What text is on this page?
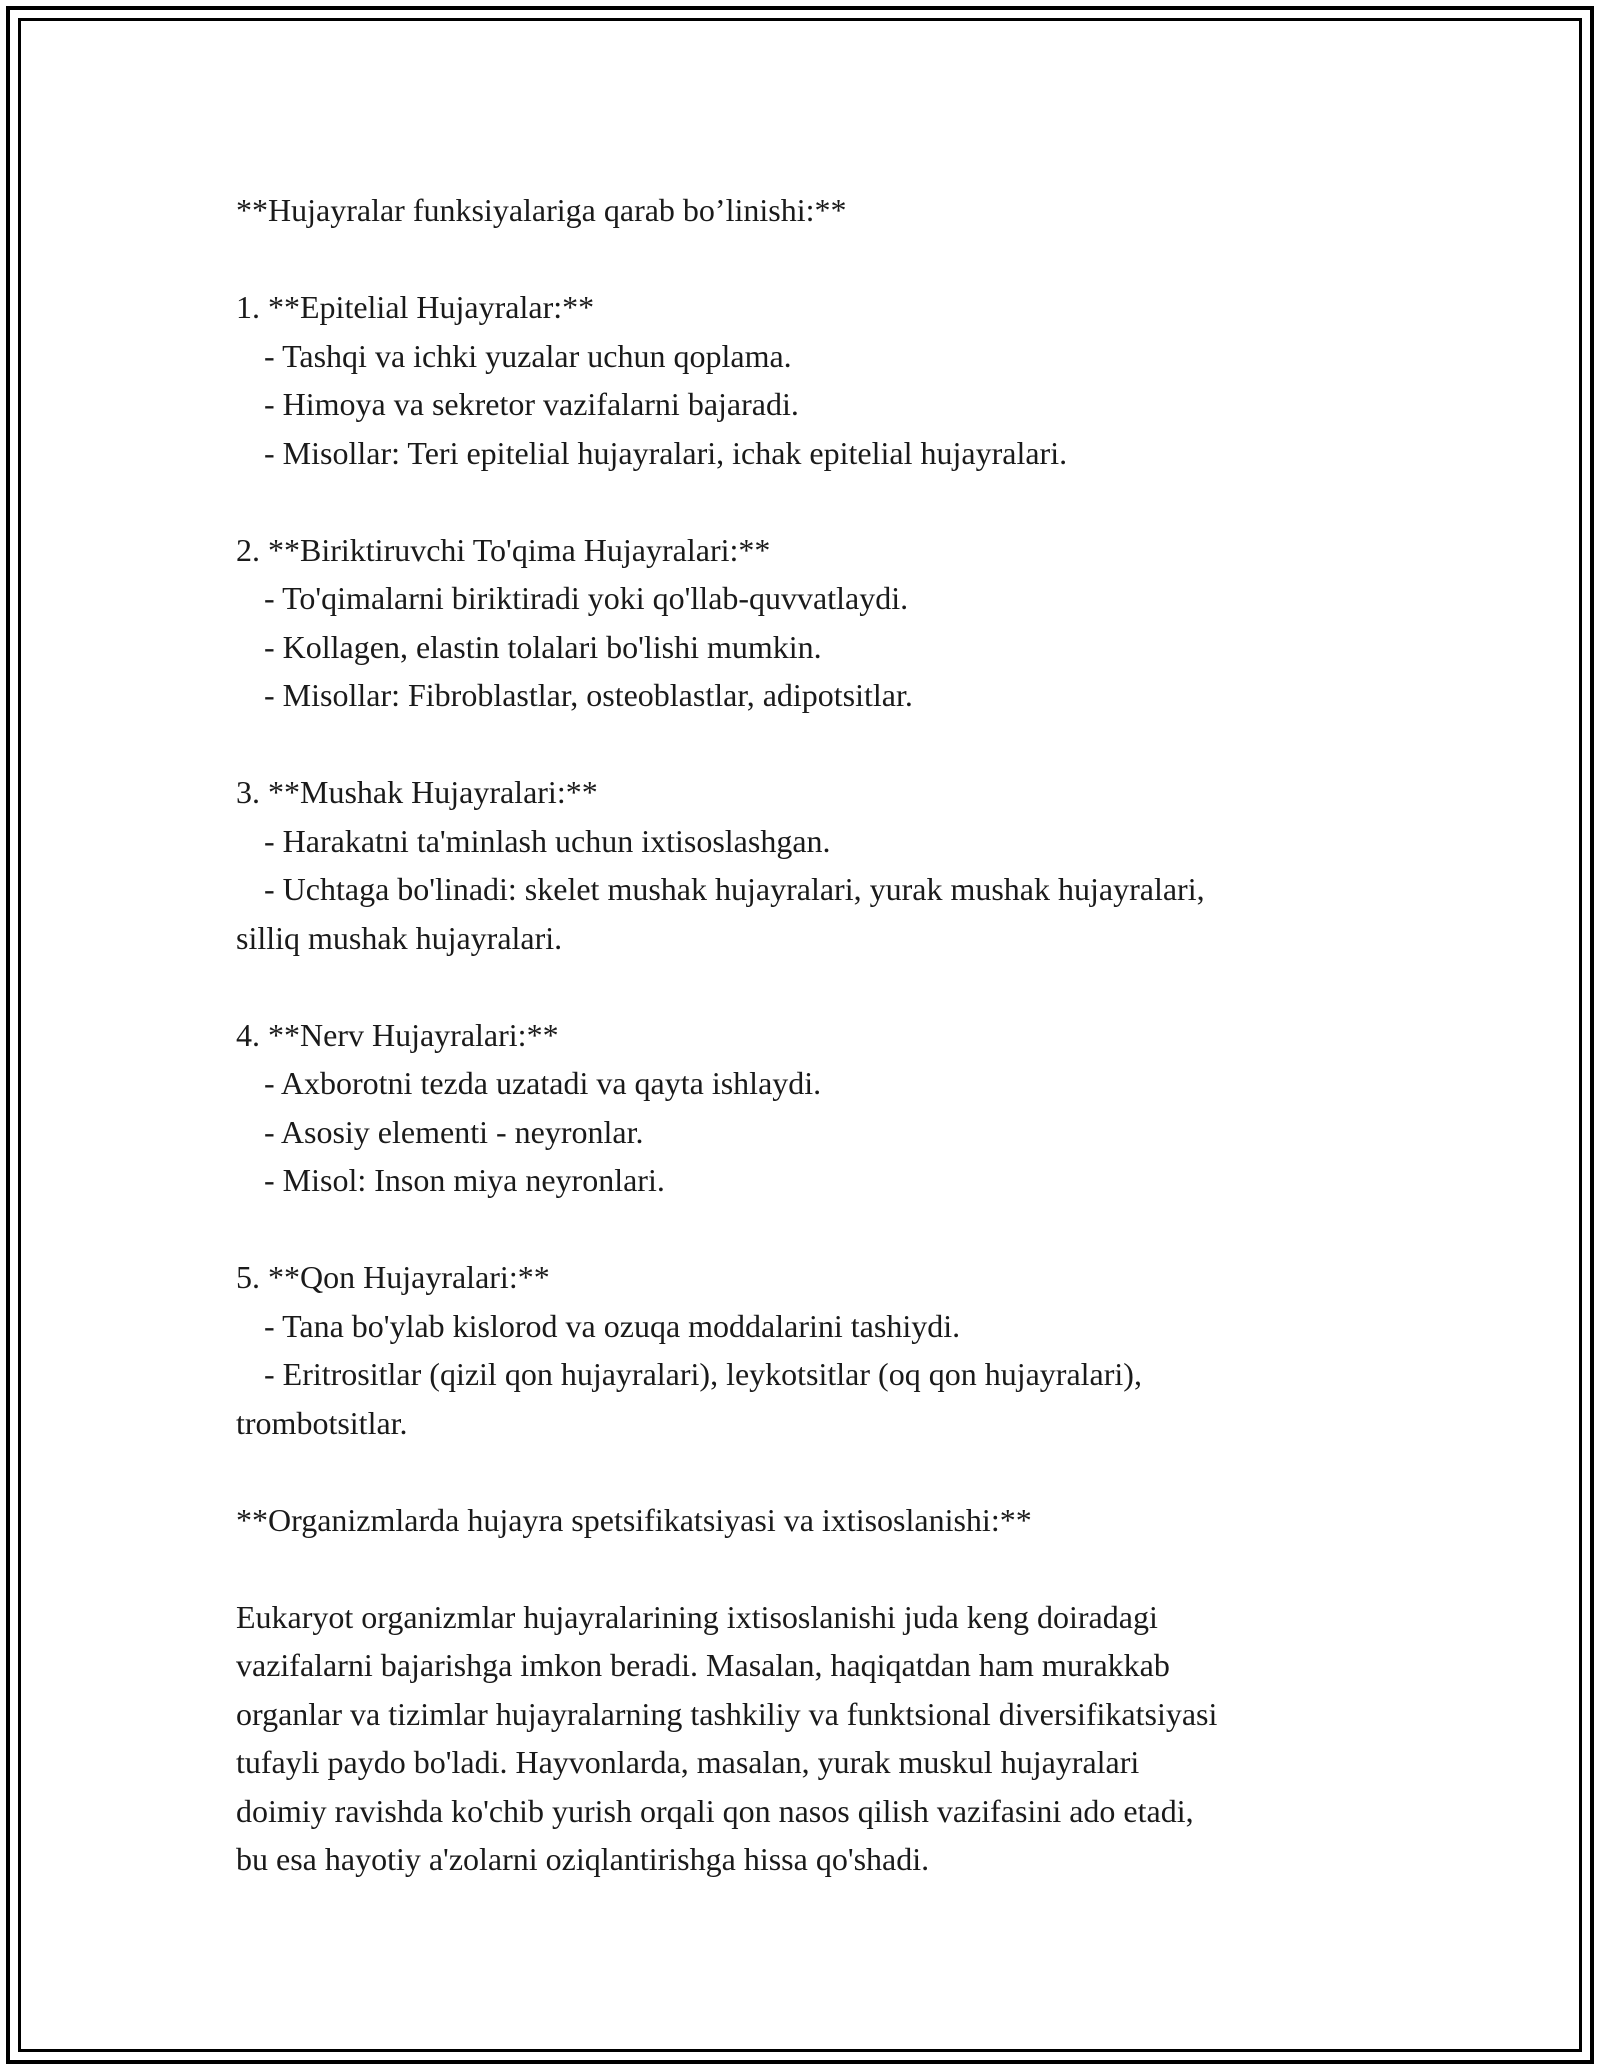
**Hujayralar funksiyalariga qarab bo’linishi:**
1. **Epitelial Hujayralar:**
- Tashqi va ichki yuzalar uchun qoplama.
- Himoya va sekretor vazifalarni bajaradi.
- Misollar: Teri epitelial hujayralari, ichak epitelial hujayralari.
2. **Biriktiruvchi To'qima Hujayralari:**
- To'qimalarni biriktiradi yoki qo'llab-quvvatlaydi.
- Kollagen, elastin tolalari bo'lishi mumkin.
- Misollar: Fibroblastlar, osteoblastlar, adipotsitlar.
3. **Mushak Hujayralari:**
- Harakatni ta'minlash uchun ixtisoslashgan.
- Uchtaga bo'linadi: skelet mushak hujayralari, yurak mushak hujayralari,
silliq mushak hujayralari.
4. **Nerv Hujayralari:**
- Axborotni tezda uzatadi va qayta ishlaydi.
- Asosiy elementi - neyronlar.
- Misol: Inson miya neyronlari.
5. **Qon Hujayralari:**
- Tana bo'ylab kislorod va ozuqa moddalarini tashiydi.
- Eritrositlar (qizil qon hujayralari), leykotsitlar (oq qon hujayralari),
trombotsitlar.
**Organizmlarda hujayra spetsifikatsiyasi va ixtisoslanishi:**
Eukaryot organizmlar hujayralarining ixtisoslanishi juda keng doiradagi
vazifalarni bajarishga imkon beradi. Masalan, haqiqatdan ham murakkab
organlar va tizimlar hujayralarning tashkiliy va funktsional diversifikatsiyasi
tufayli paydo bo'ladi. Hayvonlarda, masalan, yurak muskul hujayralari
doimiy ravishda ko'chib yurish orqali qon nasos qilish vazifasini ado etadi,
bu esa hayotiy a'zolarni oziqlantirishga hissa qo'shadi.
